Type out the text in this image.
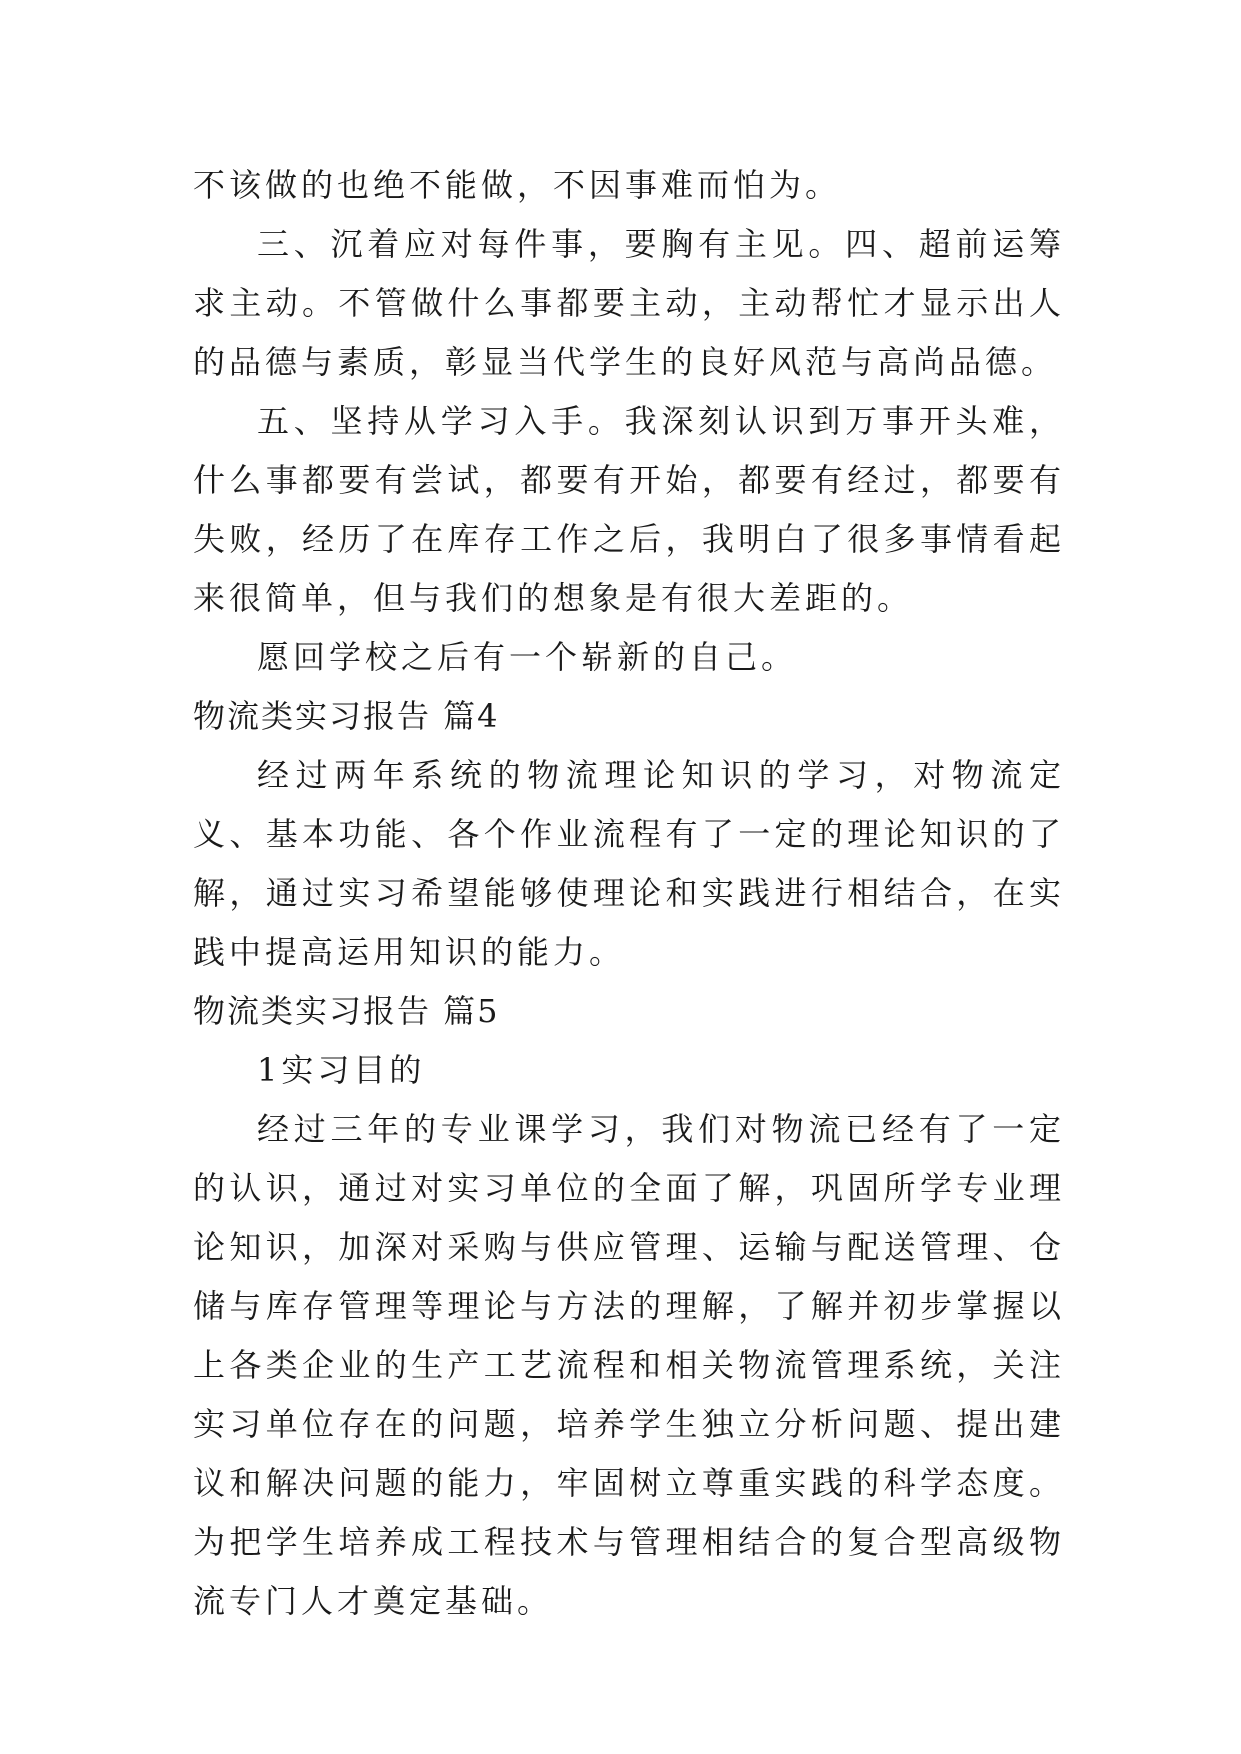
不该做的也绝不能做，不因事难而怕为。

三、沉着应对每件事，要胸有主见。四、超前运筹求主动。不管做什么事都要主动，主动帮忙才显示出人的品德与素质，彰显当代学生的良好风范与高尚品德。

五、坚持从学习入手。我深刻认识到万事开头难，什么事都要有尝试，都要有开始，都要有经过，都要有失败，经历了在库存工作之后，我明白了很多事情看起来很简单，但与我们的想象是有很大差距的。

愿回学校之后有一个崭新的自己。

物流类实习报告 篇4

经过两年系统的物流理论知识的学习，对物流定义、基本功能、各个作业流程有了一定的理论知识的了解，通过实习希望能够使理论和实践进行相结合，在实践中提高运用知识的能力。

物流类实习报告 篇5

1实习目的

经过三年的专业课学习，我们对物流已经有了一定的认识，通过对实习单位的全面了解，巩固所学专业理论知识，加深对采购与供应管理、运输与配送管理、仓储与库存管理等理论与方法的理解，了解并初步掌握以上各类企业的生产工艺流程和相关物流管理系统，关注实习单位存在的问题，培养学生独立分析问题、提出建议和解决问题的能力，牢固树立尊重实践的科学态度。为把学生培养成工程技术与管理相结合的复合型高级物流专门人才奠定基础。
